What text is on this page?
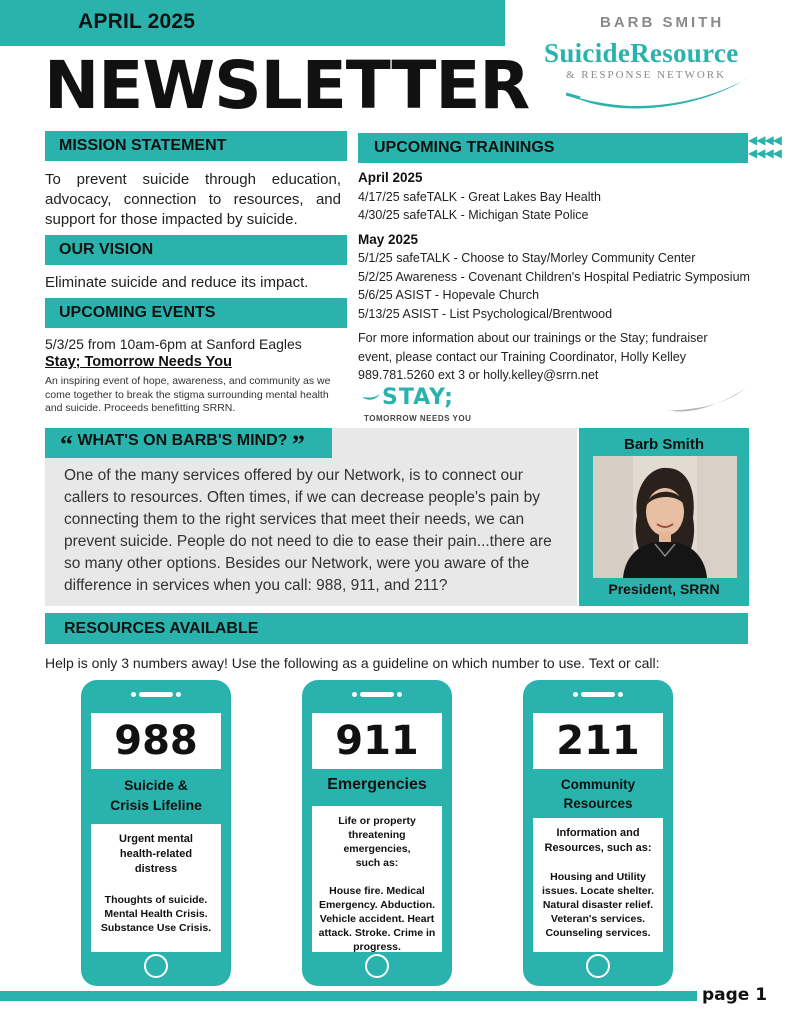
APRIL 2025
NEWSLETTER
BARB SMITH
SuicideResource
& RESPONSE NETWORK
MISSION STATEMENT
To prevent suicide through education, advocacy, connection to resources, and support for those impacted by suicide.
OUR VISION
Eliminate suicide and reduce its impact.
UPCOMING EVENTS
5/3/25 from 10am-6pm at Sanford Eagles
Stay; Tomorrow Needs You
An inspiring event of hope, awareness, and community as we come together to break the stigma surrounding mental health and suicide. Proceeds benefitting SRRN.
UPCOMING TRAININGS	◀◀◀◀
◀◀◀◀
April 2025
4/17/25 safeTALK - Great Lakes Bay Health
4/30/25 safeTALK - Michigan State Police
May 2025
5/1/25 safeTALK - Choose to Stay/Morley Community Center
5/2/25 Awareness - Covenant Children's Hospital Pediatric Symposium
5/6/25 ASIST - Hopevale Church
5/13/25 ASIST - List Psychological/Brentwood
For more information about our trainings or the Stay; fundraiser
event, please contact our Training Coordinator, Holly Kelley
989.781.5260 ext 3 or holly.kelley@srrn.net
STAY;
TOMORROW NEEDS YOU
“ WHAT'S ON BARB'S MIND? ”
One of the many services offered by our Network, is to connect our callers to resources. Often times, if we can decrease people's pain by connecting them to the right services that meet their needs, we can prevent suicide. People do not need to die to ease their pain...there are so many other options. Besides our Network, were you aware of the difference in services when you call: 988, 911, and 211?
Barb Smith
President, SRRN
RESOURCES AVAILABLE
Help is only 3 numbers away! Use the following as a guideline on which number to use. Text or call:
988
Suicide & Crisis Lifeline
Urgent mental health-related distress
Thoughts of suicide. Mental Health Crisis. Substance Use Crisis.
911
Emergencies
Life or property threatening emergencies, such as:
House fire. Medical Emergency. Abduction. Vehicle accident. Heart attack. Stroke. Crime in progress.
211
Community Resources
Information and Resources, such as:
Housing and Utility issues. Locate shelter. Natural disaster relief. Veteran's services. Counseling services.
page 1
